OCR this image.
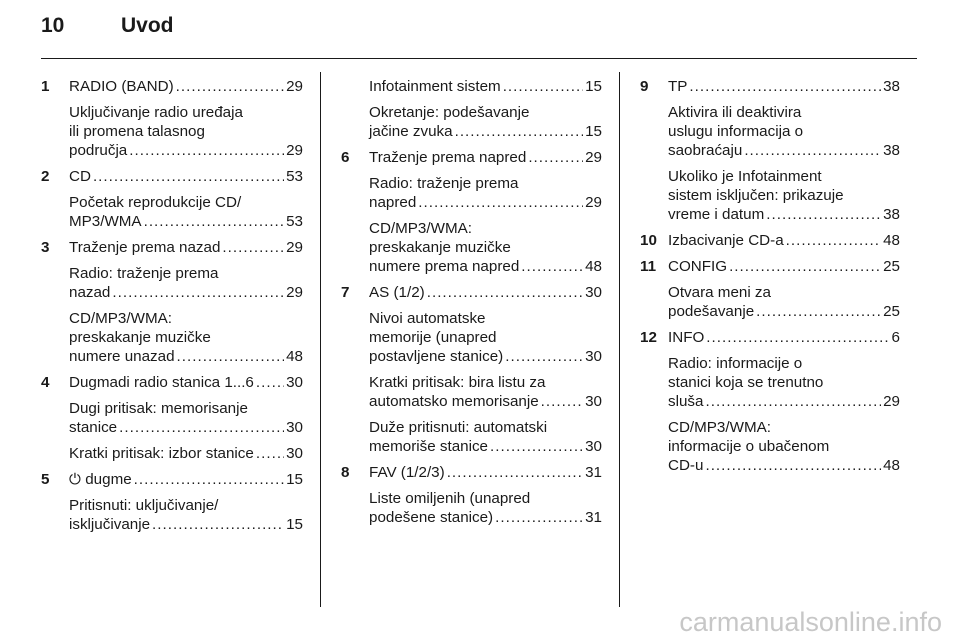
10	Uvod
1 RADIO (BAND) . . .	29
Uključivanje radio uređaja
ili promena talasnog
područja . . .	29
2 CD . . .	53
Početak reprodukcije CD/
MP3/WMA . . .	53
3 Traženje prema nazad . . .	29
Radio: traženje prema
nazad . . .	29
CD/MP3/WMA:
preskakanje muzičke
numere unazad . . .	48
4 Dugmadi radio stanica 1...6 . . . 30
Dugi pritisak: memorisanje
stanice . . .	30
Kratki pritisak: izbor stanice . . . 30
5 ⏻ dugme . . .	15
Pritisnuti: uključivanje/
isključivanje . . .	15
Infotainment sistem . . .	15
Okretanje: podešavanje
jačine zvuka . . .	15
6 Traženje prema napred . . .	29
Radio: traženje prema
napred . . .	29
CD/MP3/WMA:
preskakanje muzičke
numere prema napred . . .	48
7 AS (1/2) . . .	30
Nivoi automatske
memorije (unapred
postavljene stanice) . . .	30
Kratki pritisak: bira listu za
automatsko memorisanje . . .	30
Duže pritisnuti: automatski
memoriše stanice . . .	30
8 FAV (1/2/3) . . .	31
Liste omiljenih (unapred
podešene stanice) . . .	31
9 TP . . .	38
Aktivira ili deaktivira
uslugu informacija o
saobraćaju . . .	38
Ukoliko je Infotainment
sistem isključen: prikazuje
vreme i datum . . .	38
10 Izbacivanje CD-a . . .	48
11 CONFIG . . .	25
Otvara meni za
podešavanje . . .	25
12 INFO . . .	6
Radio: informacije o
stanici koja se trenutno
sluša . . .	29
CD/MP3/WMA:
informacije o ubačenom
CD-u . . .	48
carmanualsonline.info
